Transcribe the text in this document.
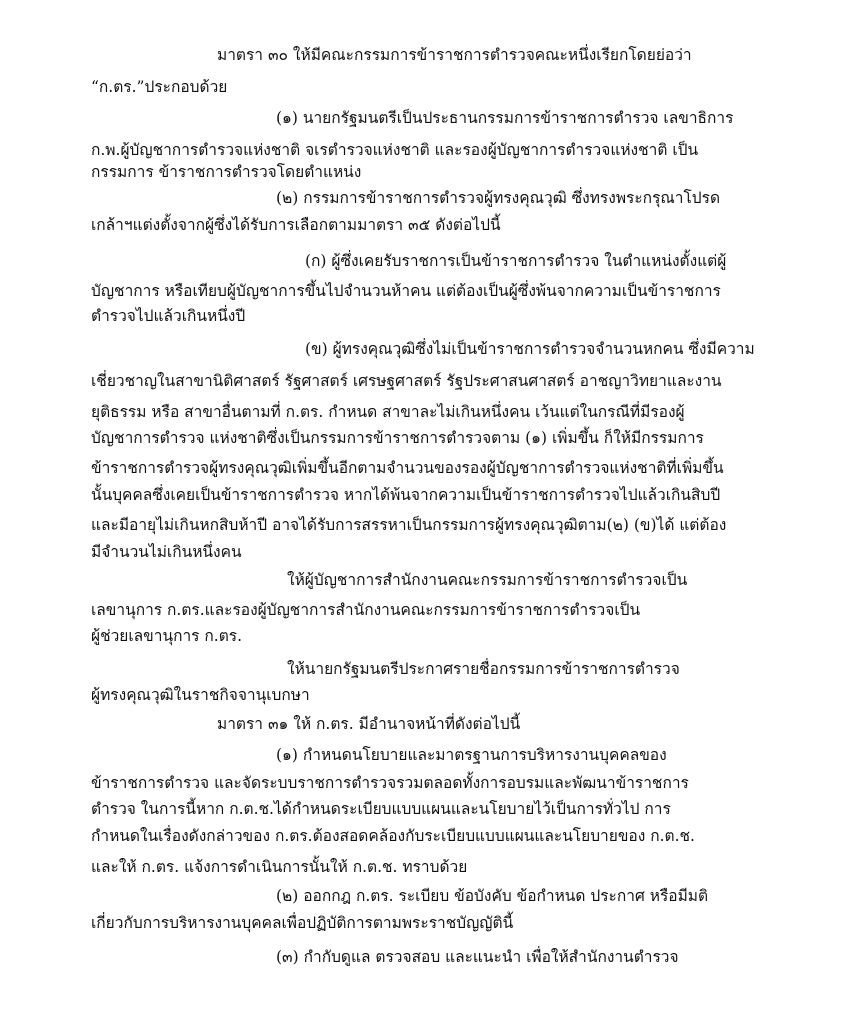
มาตรา ๓๐ ให้มีคณะกรรมการข้าราชการตำรวจคณะหนึ่งเรียกโดยย่อว่า
“ก.ตร.”ประกอบด้วย
(๑) นายกรัฐมนตรีเป็นประธานกรรมการข้าราชการตำรวจ เลขาธิการ
ก.พ.ผู้บัญชาการตำรวจแห่งชาติ จเรตำรวจแห่งชาติ และรองผู้บัญชาการตำรวจแห่งชาติ เป็น
กรรมการ ข้าราชการตำรวจโดยตำแหน่ง
(๒) กรรมการข้าราชการตำรวจผู้ทรงคุณวุฒิ ซึ่งทรงพระกรุณาโปรด
เกล้าฯแต่งตั้งจากผู้ซึ่งได้รับการเลือกตามมาตรา ๓๕ ดังต่อไปนี้
(ก) ผู้ซึ่งเคยรับราชการเป็นข้าราชการตำรวจ ในตำแหน่งตั้งแต่ผู้
บัญชาการ หรือเทียบผู้บัญชาการขึ้นไปจำนวนห้าคน แต่ต้องเป็นผู้ซึ่งพ้นจากความเป็นข้าราชการ
ตำรวจไปแล้วเกินหนึ่งปี
(ข) ผู้ทรงคุณวุฒิซึ่งไม่เป็นข้าราชการตำรวจจำนวนหกคน ซึ่งมีความ
เชี่ยวชาญในสาขานิติศาสตร์ รัฐศาสตร์ เศรษฐศาสตร์ รัฐประศาสนศาสตร์ อาชญาวิทยาและงาน
ยุติธรรม หรือ สาขาอื่นตามที่ ก.ตร. กำหนด สาขาละไม่เกินหนึ่งคน เว้นแต่ในกรณีที่มีรองผู้
บัญชาการตำรวจ แห่งชาติซึ่งเป็นกรรมการข้าราชการตำรวจตาม (๑) เพิ่มขึ้น ก็ให้มีกรรมการ
ข้าราชการตำรวจผู้ทรงคุณวุฒิเพิ่มขึ้นอีกตามจำนวนของรองผู้บัญชาการตำรวจแห่งชาติที่เพิ่มขึ้น
นั้นบุคคลซึ่งเคยเป็นข้าราชการตำรวจ หากได้พ้นจากความเป็นข้าราชการตำรวจไปแล้วเกินสิบปี
และมีอายุไม่เกินหกสิบห้าปี อาจได้รับการสรรหาเป็นกรรมการผู้ทรงคุณวุฒิตาม(๒) (ข)ได้ แต่ต้อง
มีจำนวนไม่เกินหนึ่งคน
ให้ผู้บัญชาการสำนักงานคณะกรรมการข้าราชการตำรวจเป็น
เลขานุการ ก.ตร.และรองผู้บัญชาการสำนักงานคณะกรรมการข้าราชการตำรวจเป็น
ผู้ช่วยเลขานุการ ก.ตร.
ให้นายกรัฐมนตรีประกาศรายชื่อกรรมการข้าราชการตำรวจ
ผู้ทรงคุณวุฒิในราชกิจจานุเบกษา
มาตรา ๓๑ ให้ ก.ตร. มีอำนาจหน้าที่ดังต่อไปนี้
(๑) กำหนดนโยบายและมาตรฐานการบริหารงานบุคคลของ
ข้าราชการตำรวจ และจัดระบบราชการตำรวจรวมตลอดทั้งการอบรมและพัฒนาข้าราชการ
ตำรวจ ในการนี้หาก ก.ต.ช.ได้กำหนดระเบียบแบบแผนและนโยบายไว้เป็นการทั่วไป การ
กำหนดในเรื่องดังกล่าวของ ก.ตร.ต้องสอดคล้องกับระเบียบแบบแผนและนโยบายของ ก.ต.ช.
และให้ ก.ตร. แจ้งการดำเนินการนั้นให้ ก.ต.ช. ทราบด้วย
(๒) ออกกฎ ก.ตร. ระเบียบ ข้อบังคับ ข้อกำหนด ประกาศ หรือมีมติ
เกี่ยวกับการบริหารงานบุคคลเพื่อปฏิบัติการตามพระราชบัญญัตินี้
(๓) กำกับดูแล ตรวจสอบ และแนะนำ เพื่อให้สำนักงานตำรวจ
